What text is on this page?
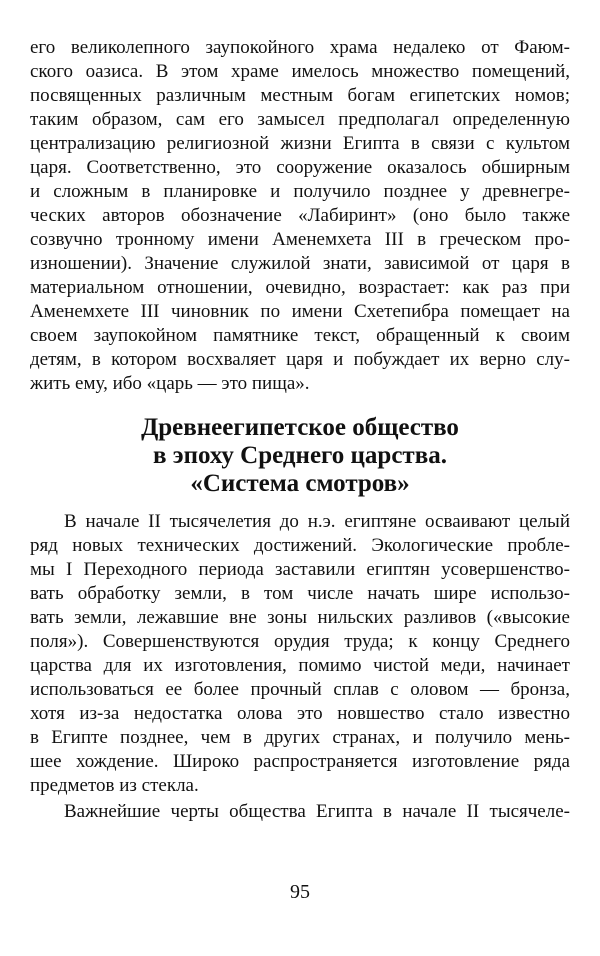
его великолепного заупокойного храма недалеко от Фаюм-
ского оазиса. В этом храме имелось множество помещений,
посвященных различным местным богам египетских номов;
таким образом, сам его замысел предполагал определенную
централизацию религиозной жизни Египта в связи с культом
царя. Соответственно, это сооружение оказалось обширным
и сложным в планировке и получило позднее у древнегре-
ческих авторов обозначение «Лабиринт» (оно было также
созвучно тронному имени Аменемхета III в греческом про-
изношении). Значение служилой знати, зависимой от царя в
материальном отношении, очевидно, возрастает: как раз при
Аменемхете III чиновник по имени Схетепибра помещает на
своем заупокойном памятнике текст, обращенный к своим
детям, в котором восхваляет царя и побуждает их верно слу-
жить ему, ибо «царь — это пища».
Древнеегипетское общество
в эпоху Среднего царства.
«Система смотров»
В начале II тысячелетия до н.э. египтяне осваивают целый
ряд новых технических достижений. Экологические пробле-
мы I Переходного периода заставили египтян усовершенство-
вать обработку земли, в том числе начать шире использо-
вать земли, лежавшие вне зоны нильских разливов («высокие
поля»). Совершенствуются орудия труда; к концу Среднего
царства для их изготовления, помимо чистой меди, начинает
использоваться ее более прочный сплав с оловом — бронза,
хотя из-за недостатка олова это новшество стало известно
в Египте позднее, чем в других странах, и получило мень-
шее хождение. Широко распространяется изготовление ряда
предметов из стекла.
Важнейшие черты общества Египта в начале II тысячеле-
95
